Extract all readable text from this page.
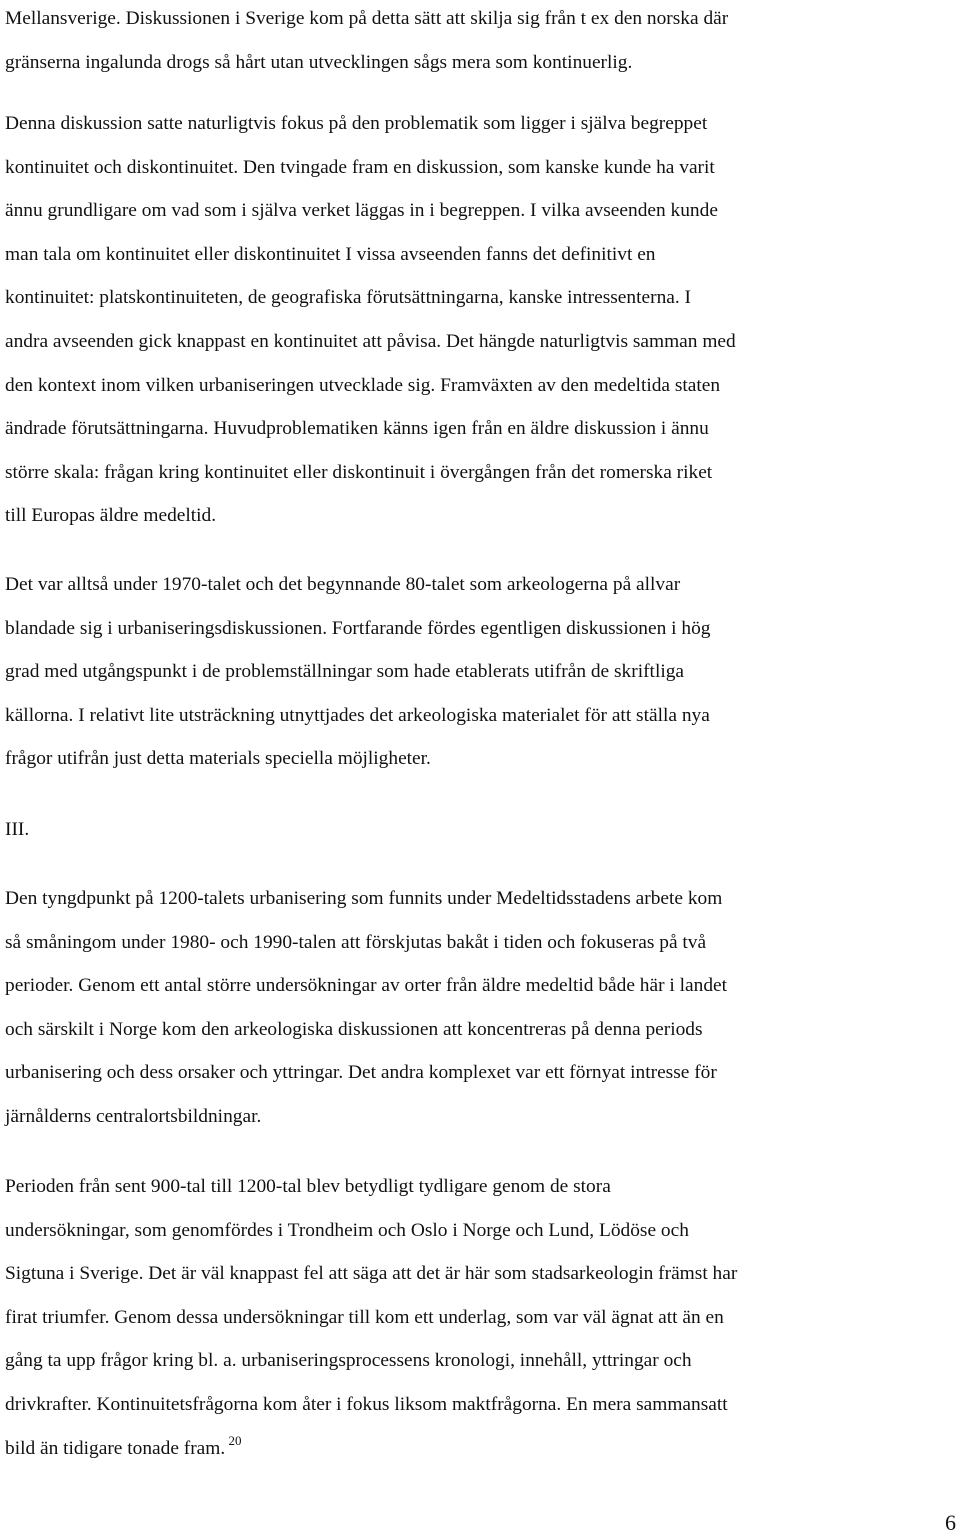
Mellansverige. Diskussionen i Sverige kom på detta sätt att skilja sig från t ex den norska där
gränserna ingalunda drogs så hårt utan utvecklingen sågs mera som kontinuerlig.

Denna diskussion satte naturligtvis fokus på den problematik som ligger i själva begreppet
kontinuitet och diskontinuitet. Den tvingade fram en diskussion, som kanske kunde ha varit
ännu grundligare om vad som i själva verket läggas in i begreppen. I vilka avseenden kunde
man tala om kontinuitet eller diskontinuitet I vissa avseenden fanns det definitivt en
kontinuitet: platskontinuiteten, de geografiska förutsättningarna, kanske intressenterna. I
andra avseenden gick knappast en kontinuitet att påvisa. Det hängde naturligtvis samman med
den kontext inom vilken urbaniseringen utvecklade sig. Framväxten av den medeltida staten
ändrade förutsättningarna. Huvudproblematiken känns igen från en äldre diskussion i ännu
större skala: frågan kring kontinuitet eller diskontinuit i övergången från det romerska riket
till Europas äldre medeltid.

Det var alltså under 1970-talet och det begynnande 80-talet som arkeologerna på allvar
blandade sig i urbaniseringsdiskussionen. Fortfarande fördes egentligen diskussionen i hög
grad med utgångspunkt i de problemställningar som hade etablerats utifrån de skriftliga
källorna. I relativt lite utsträckning utnyttjades det arkeologiska materialet för att ställa nya
frågor utifrån just detta materials speciella möjligheter.

III.

Den tyngdpunkt på 1200-talets urbanisering som funnits under Medeltidsstadens arbete kom
så småningom under 1980- och 1990-talen att förskjutas bakåt i tiden och fokuseras på två
perioder. Genom ett antal större undersökningar av orter från äldre medeltid både här i landet
och särskilt i Norge kom den arkeologiska diskussionen att koncentreras på denna periods
urbanisering och dess orsaker och yttringar. Det andra komplexet var ett förnyat intresse för
järnålderns centralortsbildningar.

Perioden från sent 900-tal till 1200-tal blev betydligt tydligare genom de stora
undersökningar, som genomfördes i Trondheim och Oslo i Norge och Lund, Lödöse och
Sigtuna i Sverige. Det är väl knappast fel att säga att det är här som stadsarkeologin främst har
firat triumfer. Genom dessa undersökningar till kom ett underlag, som var väl ägnat att än en
gång ta upp frågor kring bl. a. urbaniseringsprocessens kronologi, innehåll, yttringar och
drivkrafter. Kontinuitetsfrågorna kom åter i fokus liksom maktfrågorna. En mera sammansatt
bild än tidigare tonade fram. $^{20}$

6
